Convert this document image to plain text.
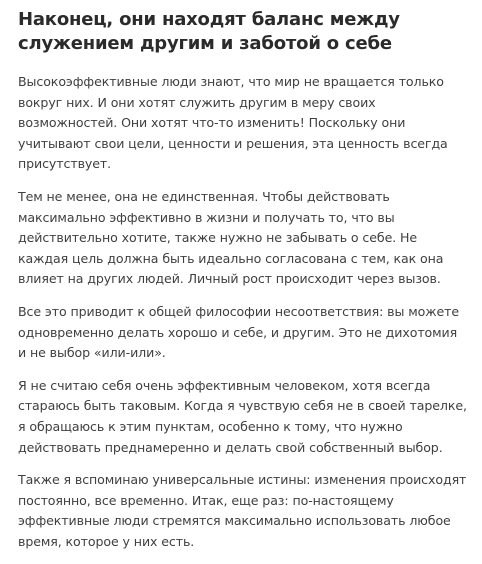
Наконец, они находят баланс между служением другим и заботой о себе

Высокоэффективные люди знают, что мир не вращается только вокруг них. И они хотят служить другим в меру своих возможностей. Они хотят что-то изменить! Поскольку они учитывают свои цели, ценности и решения, эта ценность всегда присутствует.

Тем не менее, она не единственная. Чтобы действовать максимально эффективно в жизни и получать то, что вы действительно хотите, также нужно не забывать о себе. Не каждая цель должна быть идеально согласована с тем, как она влияет на других людей. Личный рост происходит через вызов.

Все это приводит к общей философии несоответствия: вы можете одновременно делать хорошо и себе, и другим. Это не дихотомия и не выбор «или-или».

Я не считаю себя очень эффективным человеком, хотя всегда стараюсь быть таковым. Когда я чувствую себя не в своей тарелке, я обращаюсь к этим пунктам, особенно к тому, что нужно действовать преднамеренно и делать свой собственный выбор.

Также я вспоминаю универсальные истины: изменения происходят постоянно, все временно. Итак, еще раз: по-настоящему эффективные люди стремятся максимально использовать любое время, которое у них есть.
